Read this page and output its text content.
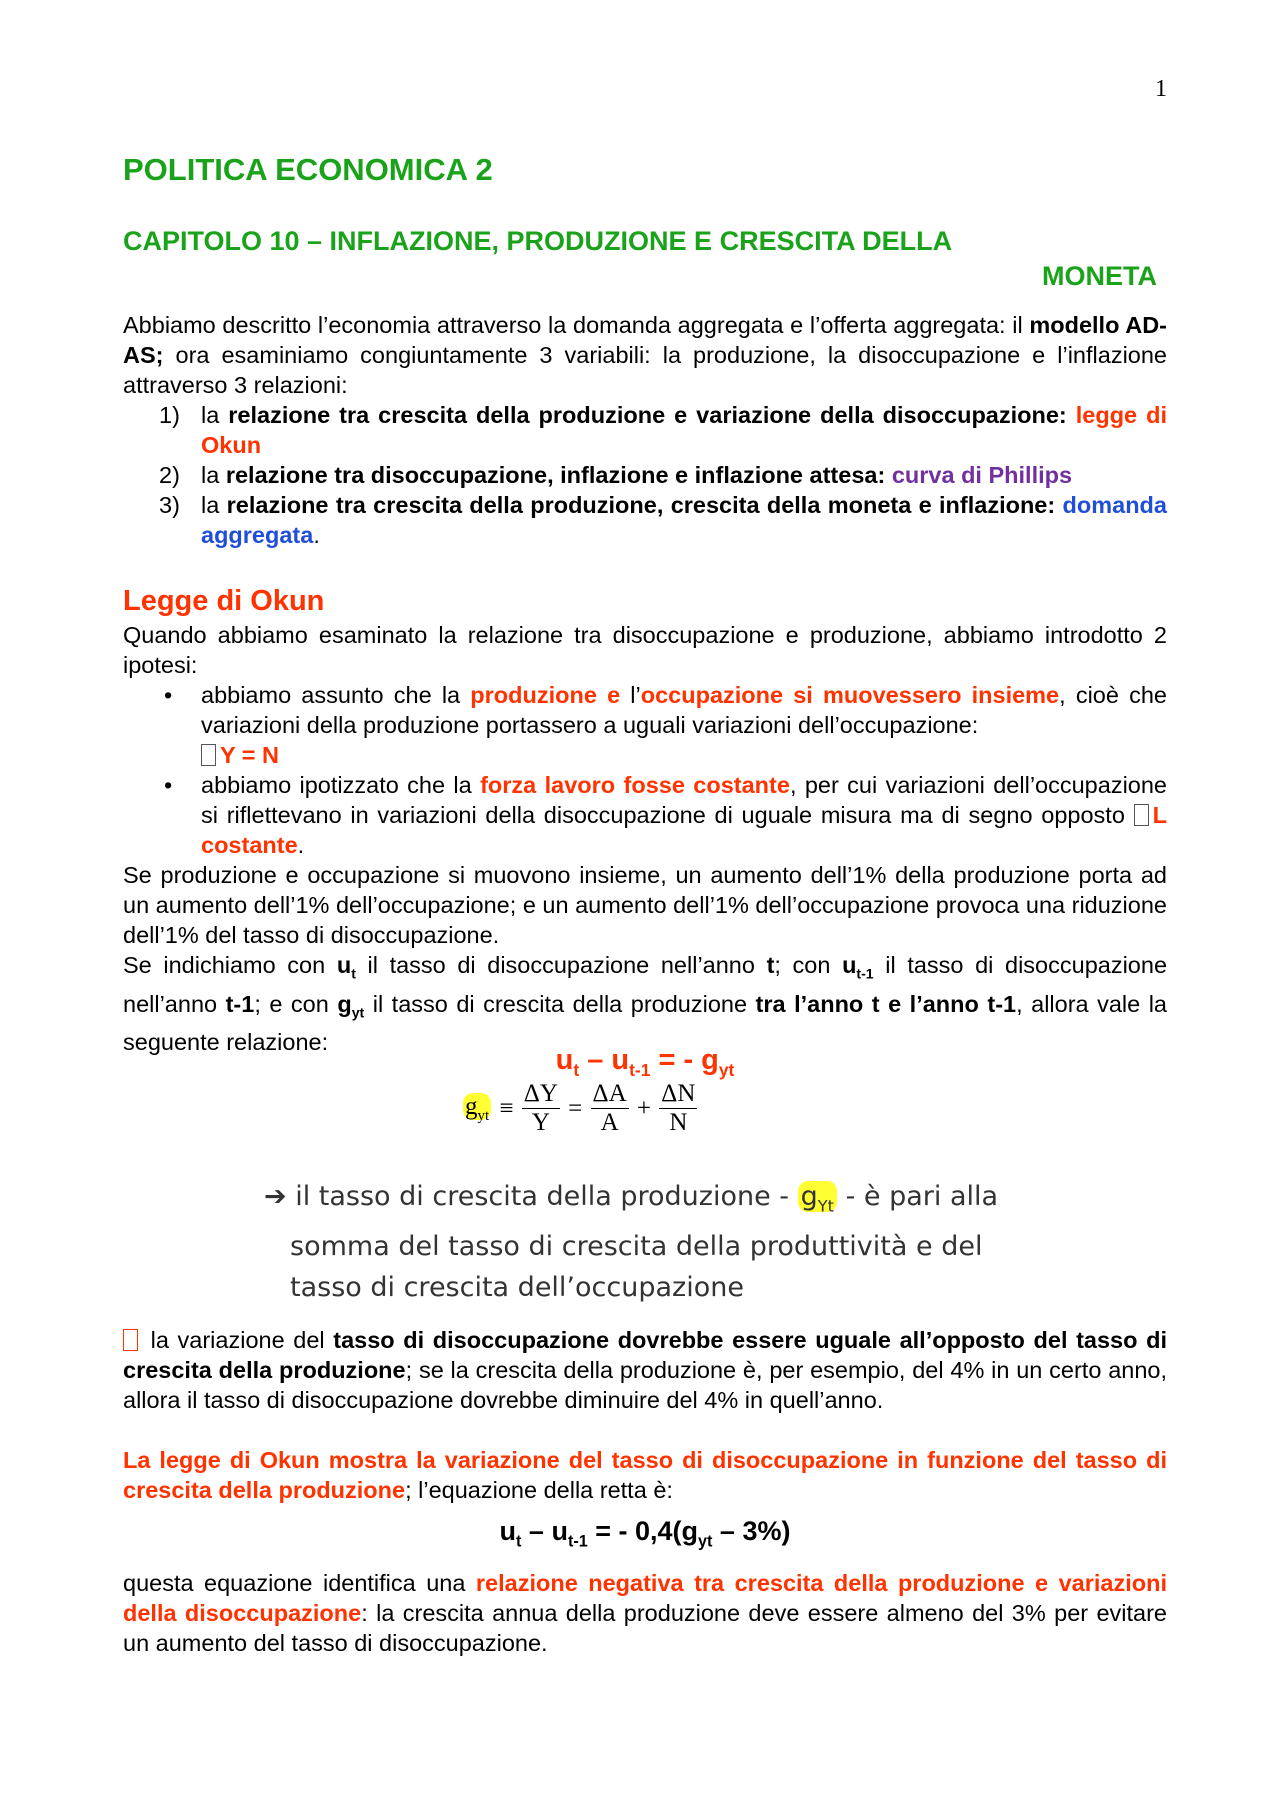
1
POLITICA ECONOMICA 2
CAPITOLO 10 – INFLAZIONE, PRODUZIONE E CRESCITA DELLA
MONETA
Abbiamo descritto l’economia attraverso la domanda aggregata e l’offerta aggregata: il modello AD-AS; ora esaminiamo congiuntamente 3 variabili: la produzione, la disoccupazione e l’inflazione attraverso 3 relazioni:
1) la relazione tra crescita della produzione e variazione della disoccupazione: legge di Okun
2) la relazione tra disoccupazione, inflazione e inflazione attesa: curva di Phillips
3) la relazione tra crescita della produzione, crescita della moneta e inflazione: domanda aggregata.
Legge di Okun
Quando abbiamo esaminato la relazione tra disoccupazione e produzione, abbiamo introdotto 2 ipotesi:
• abbiamo assunto che la produzione e l’occupazione si muovessero insieme, cioè che variazioni della produzione portassero a uguali variazioni dell’occupazione:
Y = N
• abbiamo ipotizzato che la forza lavoro fosse costante, per cui variazioni dell’occupazione si riflettevano in variazioni della disoccupazione di uguale misura ma di segno opposto L costante.
Se produzione e occupazione si muovono insieme, un aumento dell’1% della produzione porta ad un aumento dell’1% dell’occupazione; e un aumento dell’1% dell’occupazione provoca una riduzione dell’1% del tasso di disoccupazione.
Se indichiamo con $u_t$ il tasso di disoccupazione nell’anno t; con $u_{t-1}$ il tasso di disoccupazione nell’anno t-1; e con $g_{yt}$ il tasso di crescita della produzione tra l’anno t e l’anno t-1, allora vale la seguente relazione:
$u_t - u_{t-1}$ = - $g_{yt}$
$g_{yt} \equiv \frac{\Delta Y}{Y} = \frac{\Delta A}{A} + \frac{\Delta N}{N}$
➔ il tasso di crescita della produzione - $g_{Yt}$ - è pari alla
somma del tasso di crescita della produttività e del
tasso di crescita dell’occupazione
la variazione del tasso di disoccupazione dovrebbe essere uguale all’opposto del tasso di crescita della produzione; se la crescita della produzione è, per esempio, del 4% in un certo anno, allora il tasso di disoccupazione dovrebbe diminuire del 4% in quell’anno.
La legge di Okun mostra la variazione del tasso di disoccupazione in funzione del tasso di crescita della produzione; l’equazione della retta è:
$u_t - u_{t-1}$ = - $0,4(g_{yt} - 3\%)$
questa equazione identifica una relazione negativa tra crescita della produzione e variazioni della disoccupazione: la crescita annua della produzione deve essere almeno del 3% per evitare un aumento del tasso di disoccupazione.
